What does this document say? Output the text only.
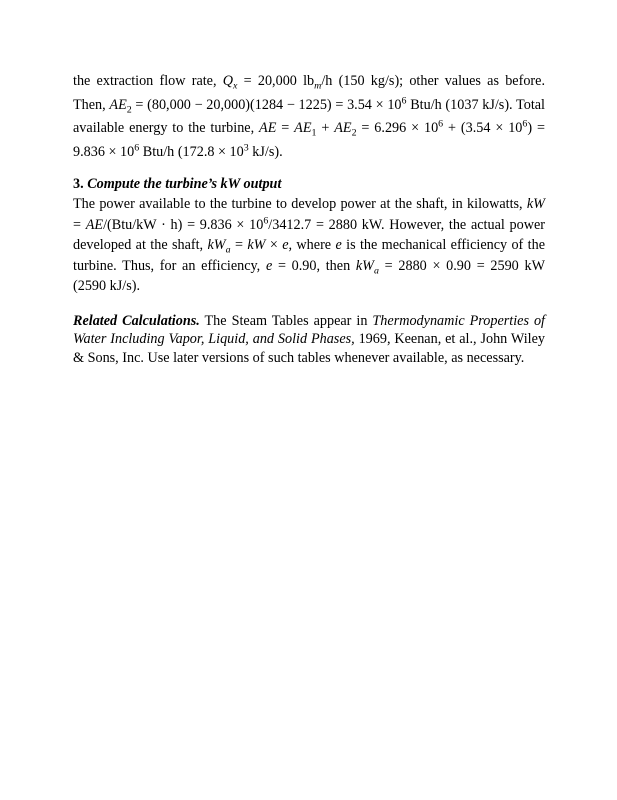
the extraction flow rate, $Q_x = 20,000$ $lb_m/h$ (150 kg/s); other values as before. Then, $AE_2 = (80,000 - 20,000)(1284 - 1225) = 3.54 \times 10^6$ Btu/h (1037 kJ/s). Total available energy to the turbine, AE = $AE_1 + AE_2 = 6.296 \times 10^6 + (3.54 \times 10^6) = 9.836 \times 10^6$ Btu/h ($172.8 \times 10^3$ kJ/s).

3. Compute the turbine’s kW output

The power available to the turbine to develop power at the shaft, in kilowatts, kW = $AE/(Btu/kW \cdot h) = 9.836 \times 10^6/3412.7 = 2880$ kW. However, the actual power developed at the shaft, $kW_a$ = kW × e, where e is the mechanical efficiency of the turbine. Thus, for an efficiency, e = 0.90, then $kW_a = 2880 \times 0.90 = 2590$ kW (2590 kJ/s).

Related Calculations. The Steam Tables appear in Thermodynamic Properties of Water Including Vapor, Liquid, and Solid Phases, 1969, Keenan, et al., John Wiley & Sons, Inc. Use later versions of such tables whenever available, as necessary.
